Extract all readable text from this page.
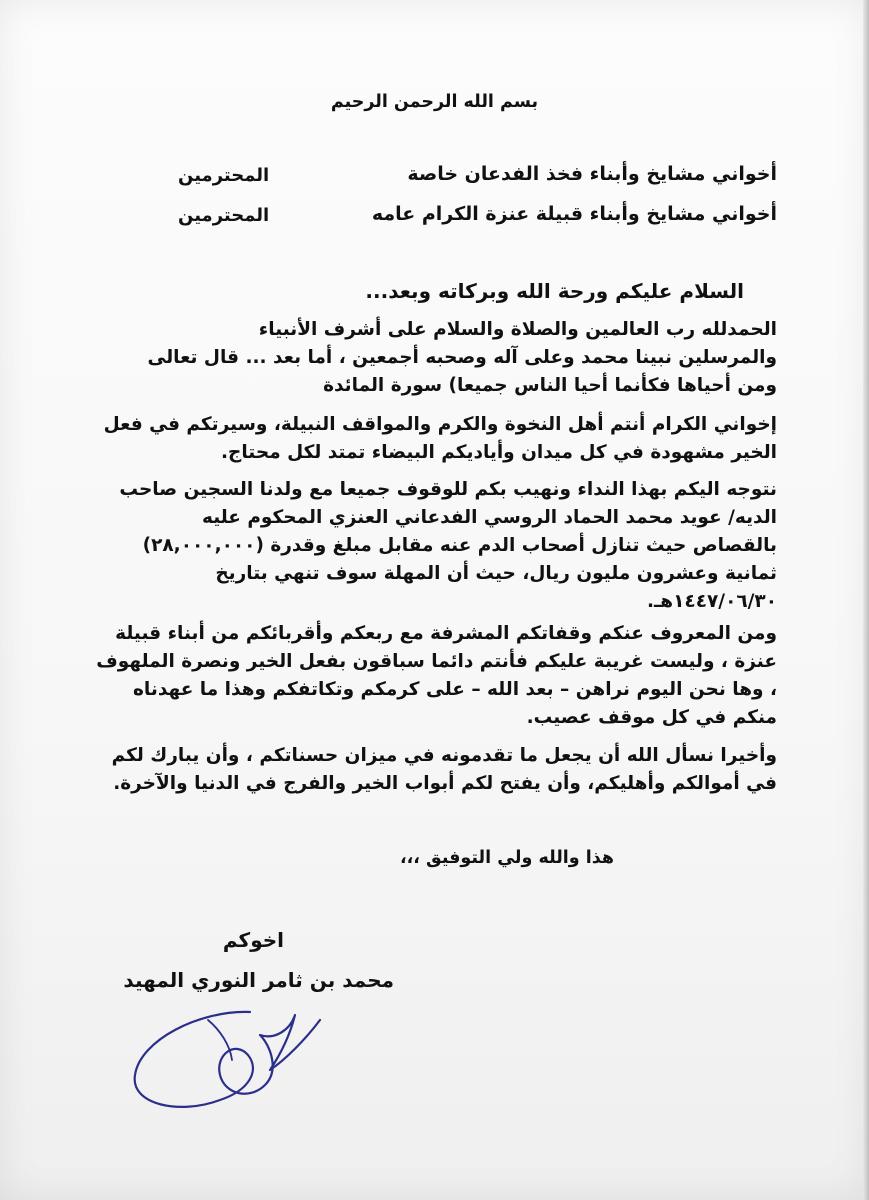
بسم الله الرحمن الرحيم
أخواني مشايخ وأبناء فخذ الفدعان خاصة
المحترمين
أخواني مشايخ وأبناء قبيلة عنزة الكرام عامه
المحترمين
السلام عليكم ورحة الله وبركاته وبعد...
الحمدلله رب العالمين والصلاة والسلام على أشرف الأنبياء
والمرسلين نبينا محمد وعلى آله وصحبه أجمعين ، أما بعد ... قال تعالى
ومن أحياها فكأنما أحيا الناس جميعا) سورة المائدة
إخواني الكرام أنتم أهل النخوة والكرم والمواقف النبيلة، وسيرتكم في فعل
الخير مشهودة في كل ميدان وأياديكم البيضاء تمتد لكل محتاج.
نتوجه اليكم بهذا النداء ونهيب بكم للوقوف جميعا مع ولدنا السجين صاحب
الديه/ عويد محمد الحماد الروسي الفدعاني العنزي المحكوم عليه
بالقصاص حيث تنازل أصحاب الدم عنه مقابل مبلغ وقدرة (٢٨,٠٠٠,٠٠٠)
ثمانية وعشرون مليون ريال، حيث أن المهلة سوف تنهي بتاريخ
١٤٤٧/٠٦/٣٠هـ.
ومن المعروف عنكم وقفاتكم المشرفة مع ربعكم وأقربائكم من أبناء قبيلة
عنزة ، وليست غريبة عليكم فأنتم دائما سباقون بفعل الخير ونصرة الملهوف
، وها نحن اليوم نراهن – بعد الله – على كرمكم وتكاتفكم وهذا ما عهدناه
منكم في كل موقف عصيب.
وأخيرا نسأل الله أن يجعل ما تقدمونه في ميزان حسناتكم ، وأن يبارك لكم
في أموالكم وأهليكم، وأن يفتح لكم أبواب الخير والفرج في الدنيا والآخرة.
هذا والله ولي التوفيق ،،،
اخوكم
محمد بن ثامر النوري المهيد
